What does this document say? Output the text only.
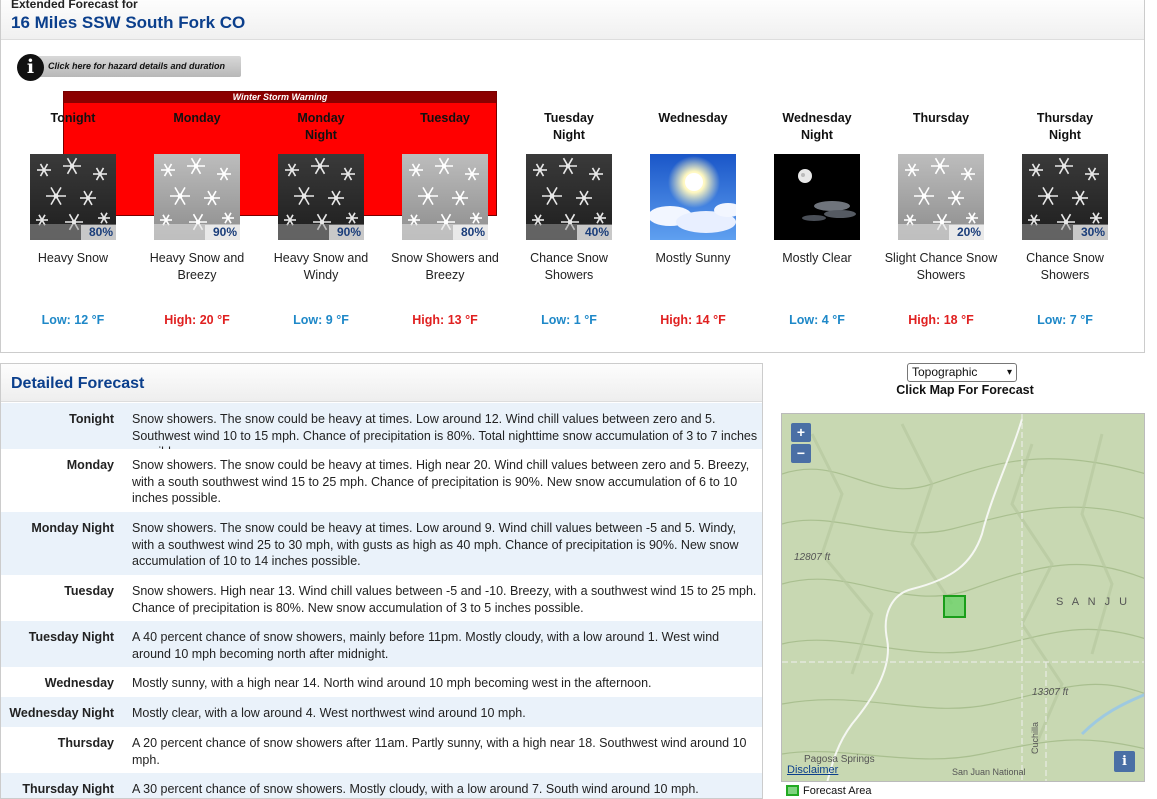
Extended Forecast for
16 Miles SSW South Fork CO
i	Click here for hazard details and duration
Winter Storm Warning
Tonight
80%
Heavy Snow
Low: 12 °F
Monday
90%
Heavy Snow and Breezy
High: 20 °F
Monday
Night
90%
Heavy Snow and Windy
Low: 9 °F
Tuesday
80%
Snow Showers and Breezy
High: 13 °F
Tuesday
Night
40%
Chance Snow Showers
Low: 1 °F
Wednesday
Mostly Sunny
High: 14 °F
Wednesday
Night
Mostly Clear
Low: 4 °F
Thursday
20%
Slight Chance Snow Showers
High: 18 °F
Thursday
Night
30%
Chance Snow Showers
Low: 7 °F
Detailed Forecast
Tonight Snow showers. The snow could be heavy at times. Low around 12. Wind chill values between zero and 5. Southwest wind 10 to 15 mph. Chance of precipitation is 80%. Total nighttime snow accumulation of 3 to 7 inches
Monday Snow showers. The snow could be heavy at times. High near 20. Wind chill values between zero and 5. Breezy, with a south southwest wind 15 to 25 mph. Chance of precipitation is 90%. New snow accumulation of 6 to 10 inches possible.
Monday Night Snow showers. The snow could be heavy at times. Low around 9. Wind chill values between -5 and 5. Windy, with a southwest wind 25 to 30 mph, with gusts as high as 40 mph. Chance of precipitation is 90%. New snow accumulation of 10 to 14 inches possible.
Tuesday Snow showers. High near 13. Wind chill values between -5 and -10. Breezy, with a southwest wind 15 to 25 mph. Chance of precipitation is 80%. New snow accumulation of 3 to 5 inches possible.
Tuesday Night A 40 percent chance of snow showers, mainly before 11pm. Mostly cloudy, with a low around 1. West wind around 10 mph becoming north after midnight.
Wednesday Mostly sunny, with a high near 14. North wind around 10 mph becoming west in the afternoon.
Wednesday Night Mostly clear, with a low around 4. West northwest wind around 10 mph.
Thursday A 20 percent chance of snow showers after 11am. Partly sunny, with a high near 18. Southwest wind around 10 mph.
Thursday Night A 30 percent chance of snow showers. Mostly cloudy, with a low around 7. South wind around 10 mph.
Topographic	▾
Click Map For Forecast
+
−
12807 ft
13307 ft
S A N J U
Pagosa Springs
San Juan National
Cuchilla
Disclaimer
i
Forecast Area
